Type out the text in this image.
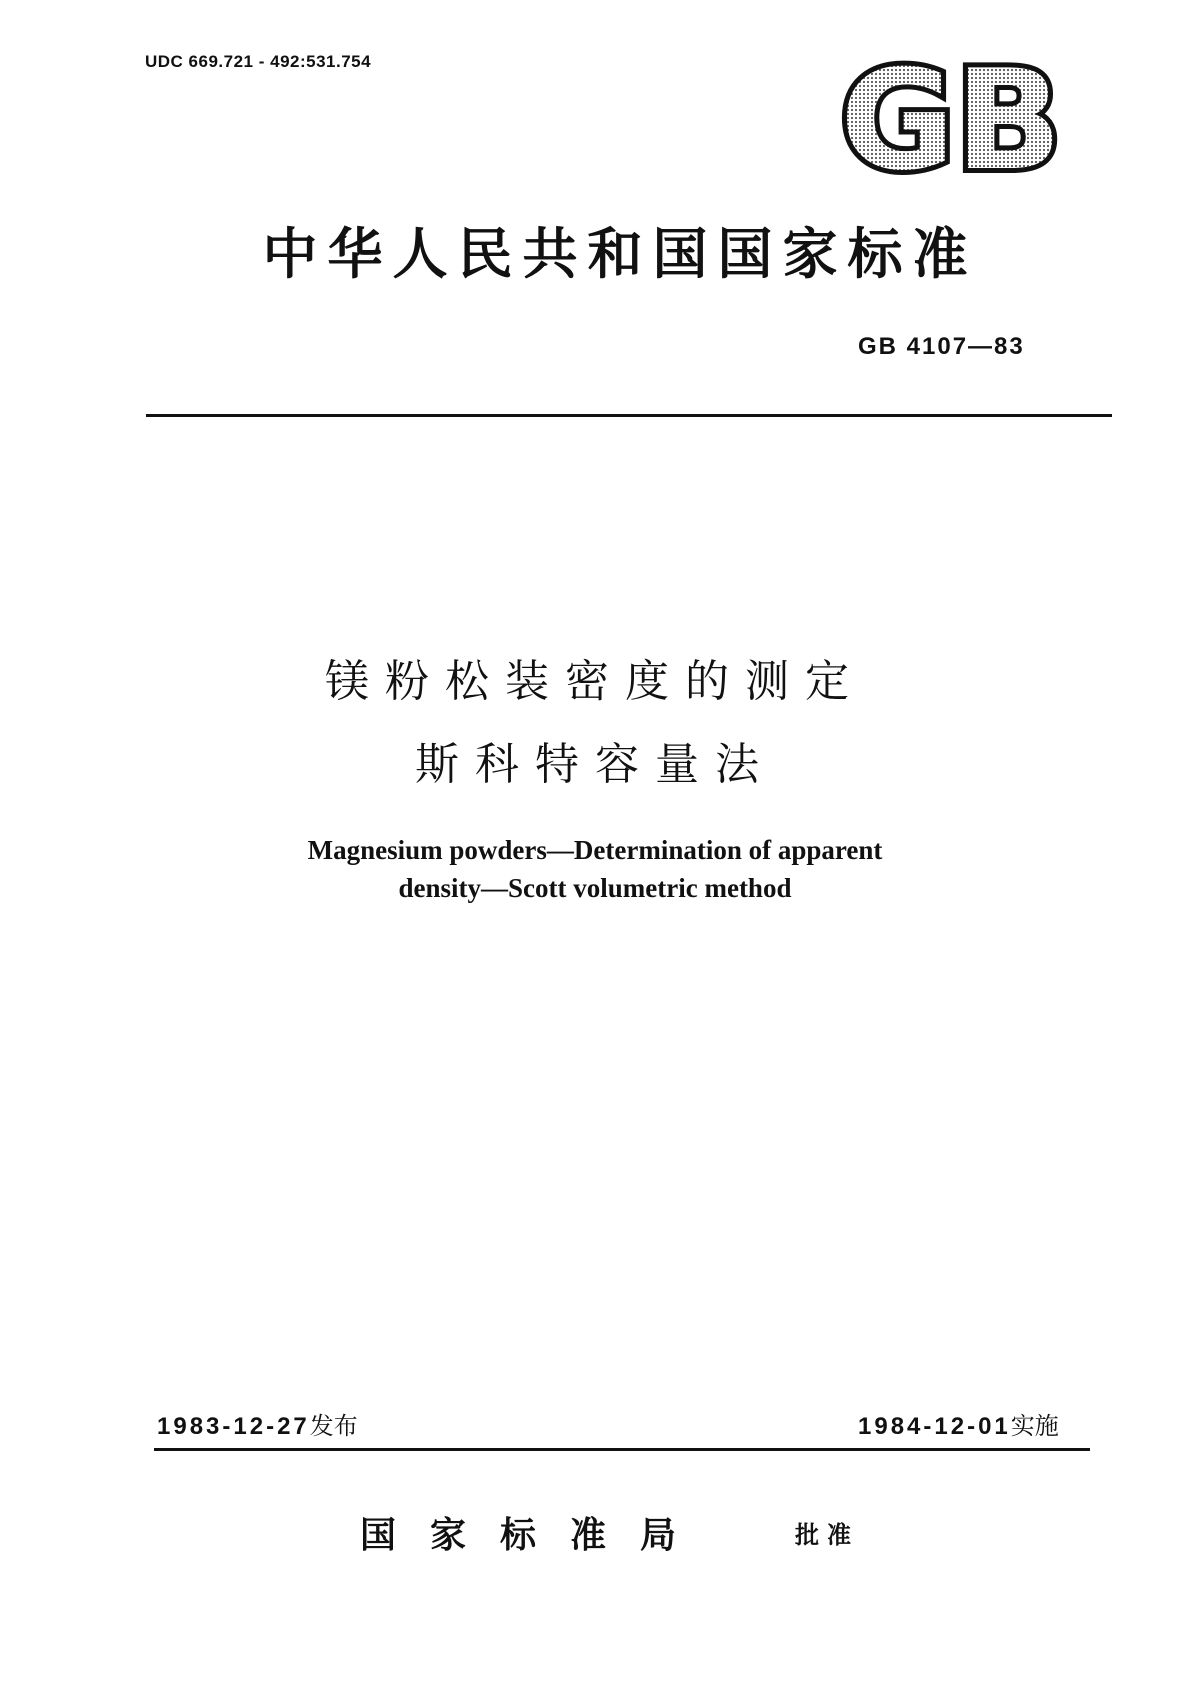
UDC 669.721 - 492:531.754	GB
中华人民共和国国家标准
GB 4107—83
镁粉松装密度的测定
斯科特容量法
Magnesium powders—Determination of apparent
density—Scott volumetric method
1983-12-27发布	1984-12-01实施
国家标准局	批准
